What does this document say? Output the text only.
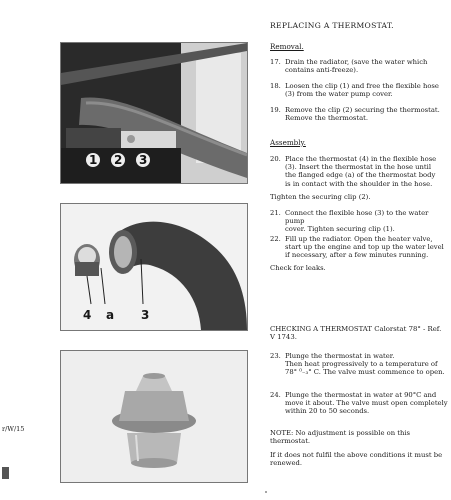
1 2 3
4 a 3
REPLACING A THERMOSTAT.
Removal.
17. Drain the radiator, (save the water which
contains anti-freeze).
18. Loosen the clip (1) and free the flexible hose
(3) from the water pump cover.
19. Remove the clip (2) securing the thermostat.
Remove the thermostat.
Assembly.
20. Place the thermostat (4) in the flexible hose
(3). Insert the thermostat in the hose until
the flanged edge (a) of the thermostat body
is in contact with the shoulder in the hose.
Tighten the securing clip (2).
21. Connect the flexible hose (3) to the water pump
cover. Tighten securing clip (1).
22. Fill up the radiator. Open the heater valve,
start up the engine and top up the water level
if necessary, after a few minutes running.
Check for leaks.
CHECKING A THERMOSTAT Calorstat 78° - Ref.
V 1743.
23. Plunge the thermostat in water.
Then heat progressively to a temperature of
78° ⁰₋₃° C. The valve must commence to open.
24. Plunge the thermostat in water at 90°C and
move it about. The valve must open completely
within 20 to 50 seconds.
NOTE: No adjustment is possible on this
thermostat.
If it does not fulfil the above conditions it must be
renewed.
r/W/15
